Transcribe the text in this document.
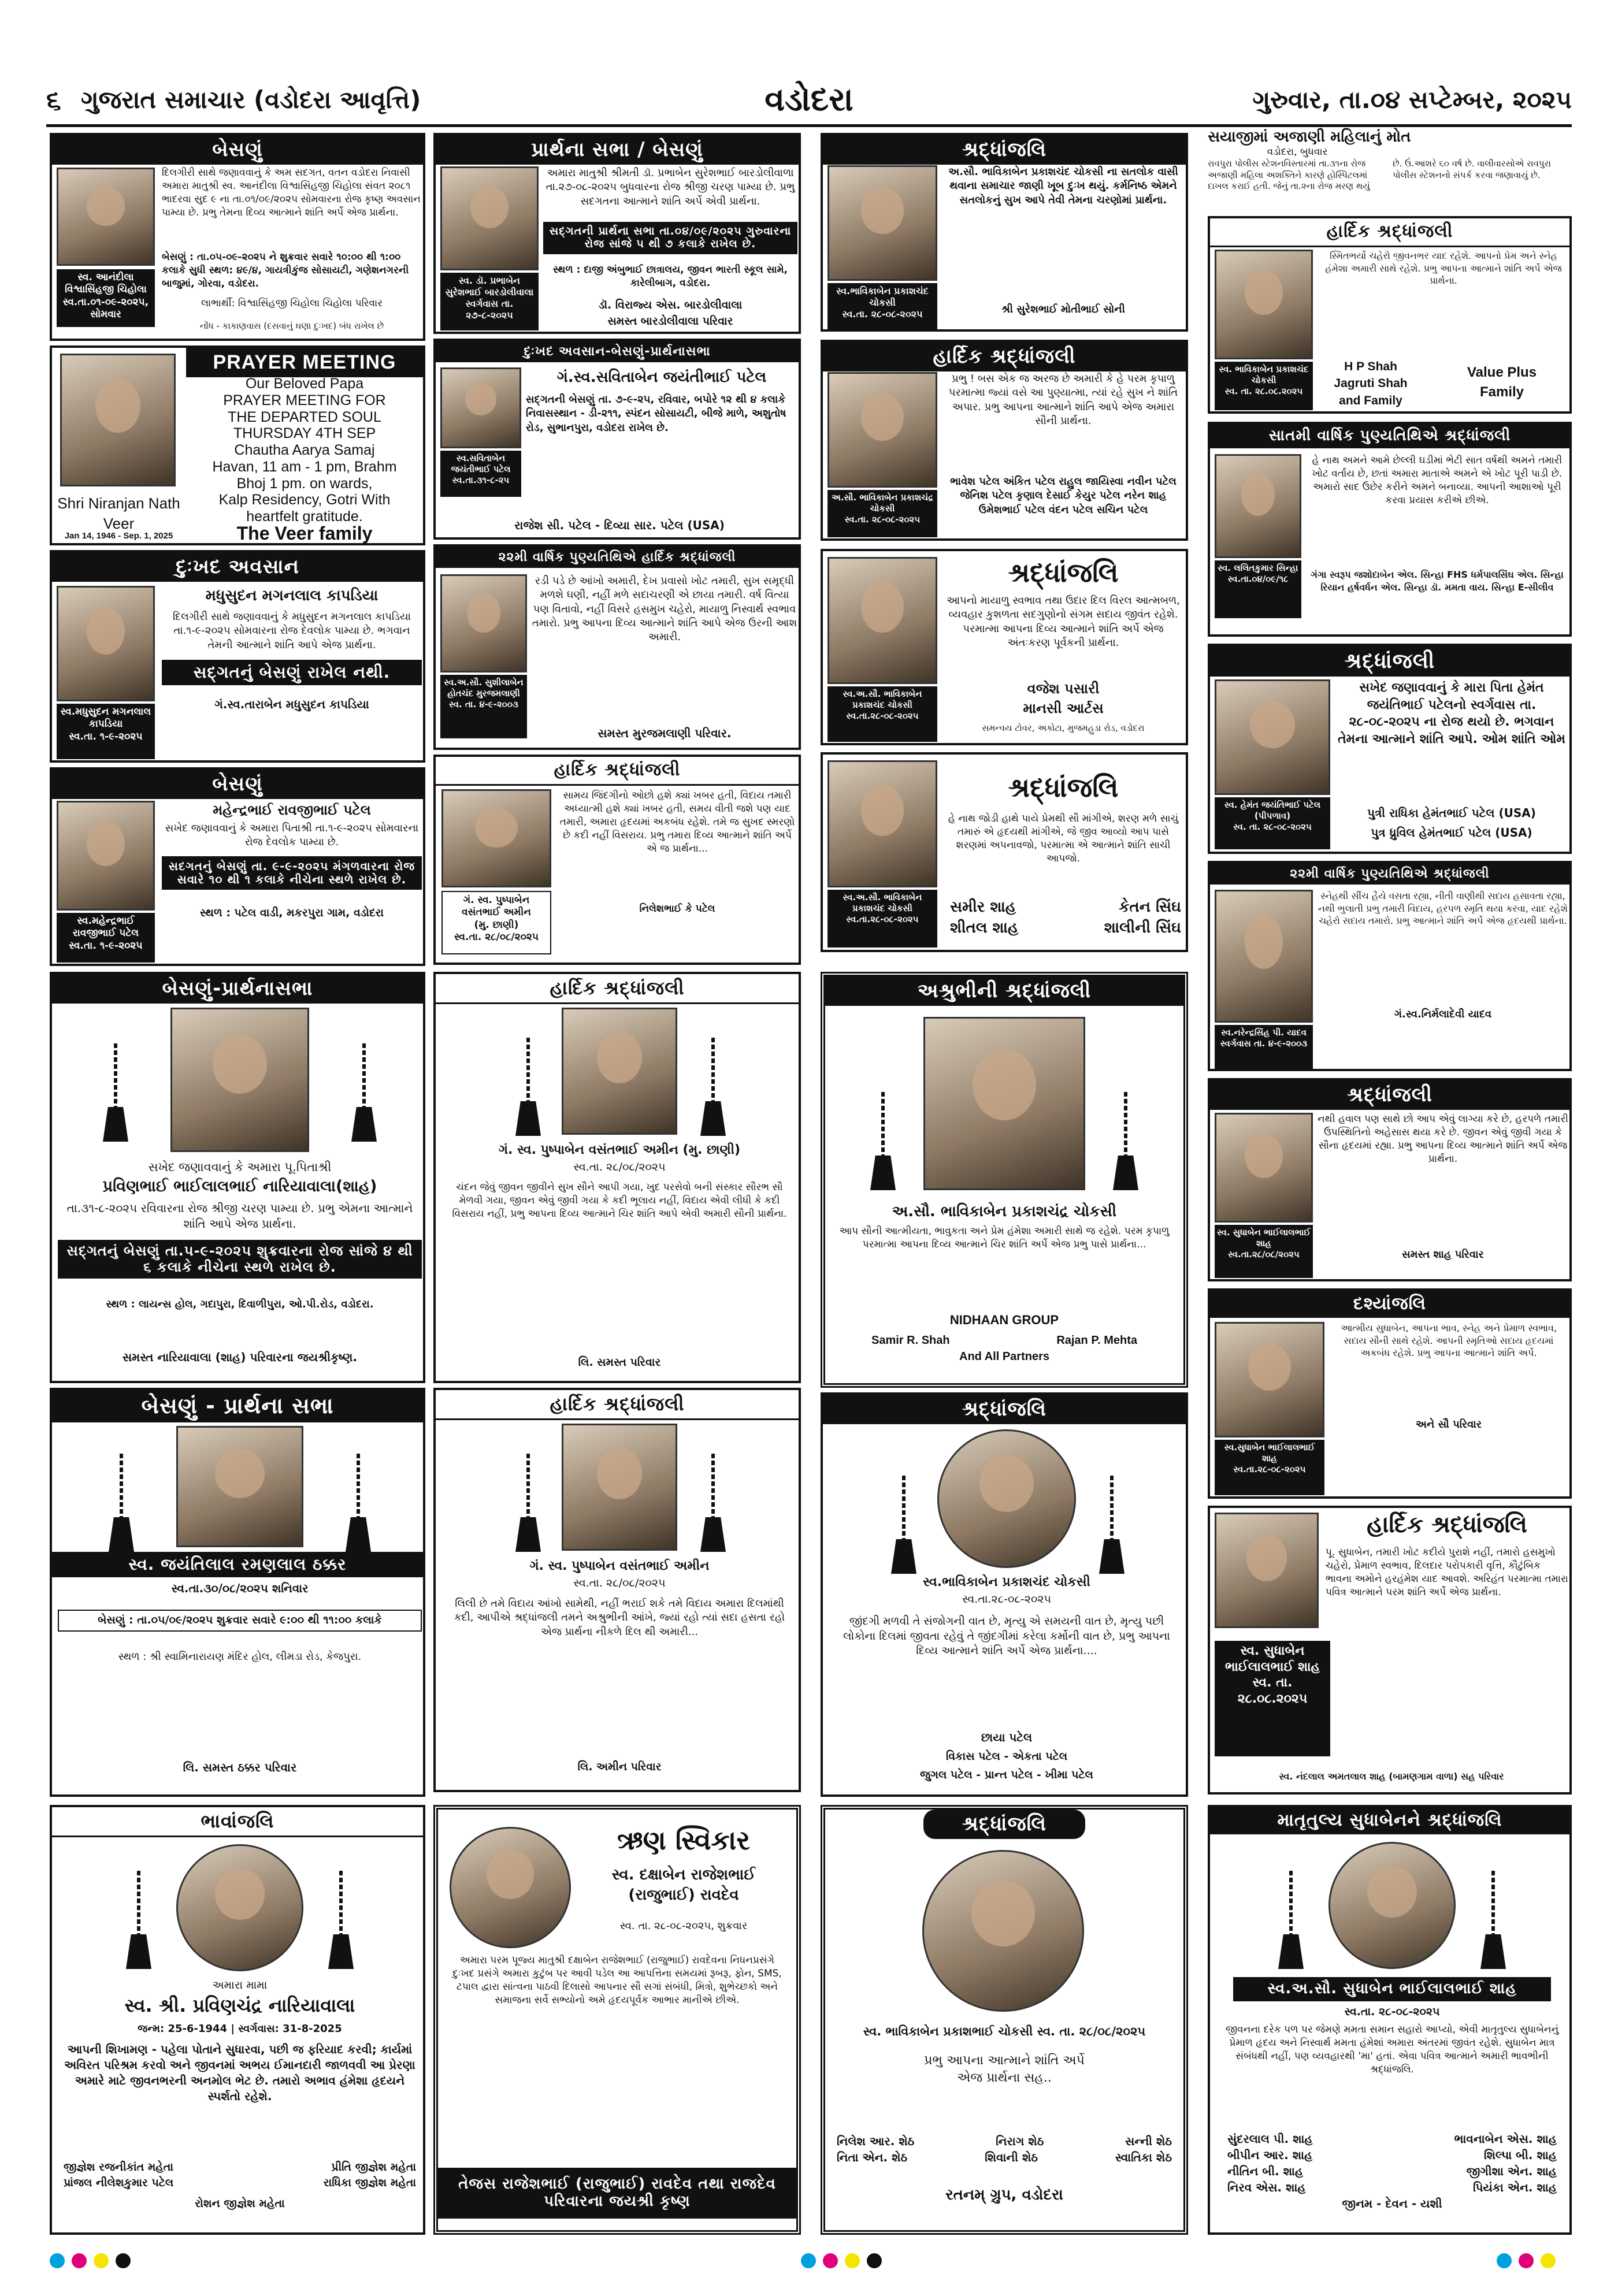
૬ ગુજરાત સમાચાર (વડોદરા આવૃત્તિ)	વડોદરા	ગુરુવાર, તા.૦૪ સપ્ટેમ્બર, ૨૦૨૫
બેસણું
સ્વ. આનંદીલા વિશ્વાસિંહજી ચિહોલા
સ્વ.તા.૦૧-૦૯-૨૦૨૫, સોમવાર
દિલગીરી સાથે જણાવવાનું કે અમ સદગત, વતન વડોદરા નિવાસી અમારા માતુશ્રી સ્વ. આનંદીલા વિશ્વાસિંહજી ચિહોલા સંવત ૨૦૮૧ ભાદરવા સુદ ૯ ના તા.૦૧/૦૯/૨૦૨૫ સોમવારના રોજ કૃષ્ણ અવસાન પામ્યા છે. પ્રભુ તેમના દિવ્ય આત્માને શાંતિ અર્પે એજ પ્રાર્થના.
બેસણું : તા.૦૫-૦૯-૨૦૨૫ ને શુક્રવાર સવારે ૧૦:૦૦ થી ૧:૦૦ કલાકે સુધી સ્થળ: ૪૯/૪, ગાયત્રીકુંજ સોસાયટી, ગણેશનગરની બાજુમાં, ગોરવા, વડોદરા.
લાભાર્થી: વિશ્વાસિંહજી ચિહોલા ચિહોલા પરિવાર
નોંધ - કાકાણવાસ (દસવાનું ઘણા દુઃખદ) બંધ રાખેલ છે
Shri Niranjan Nath Veer
Jan 14, 1946 - Sep. 1, 2025
PRAYER MEETING
Our Beloved Papa
PRAYER MEETING FOR
THE DEPARTED SOUL
THURSDAY 4TH SEP
Chautha Aarya Samaj
Havan, 11 am - 1 pm, Brahm
Bhoj 1 pm. on wards,
Kalp Residency, Gotri With
heartfelt gratitude.
The Veer family
દુઃખદ અવસાન
મધુસુદન મગનલાલ કાપડિયા
દિલગીરી સાથે જણાવવાનું કે મધુસુદન મગનલાલ કાપડિયા તા.૧-૯-૨૦૨૫ સોમવારના રોજ દેવલોક પામ્યા છે. ભગવાન તેમની આત્માને શાંતિ આપે એજ પ્રાર્થના.
સદ્ગતનું બેસણું રાખેલ નથી.
સ્વ.મધુસુદન મગનલાલ કાપડિયા
સ્વ.તા. ૧-૯-૨૦૨૫
ગં.સ્વ.તારાબેન મધુસુદન કાપડિયા
બેસણું
સ્વ.મહેન્દ્રભાઈ રાવજીભાઈ પટેલ
સ્વ.તા. ૧-૯-૨૦૨૫
મહેન્દ્રભાઈ રાવજીભાઈ પટેલ
સખેદ જણાવવાનું કે અમારા પિતાશ્રી તા.૧-૯-૨૦૨૫ સોમવારના રોજ દેવલોક પામ્યા છે.
સદગતનું બેસણું તા. ૯-૯-૨૦૨૫ મંગળવારના રોજ સવારે ૧૦ થી ૧ કલાકે નીચેના સ્થળે રાખેલ છે.
સ્થળ : પટેલ વાડી, મકરપુરા ગામ, વડોદરા
બેસણું-પ્રાર્થનાસભા
સખેદ જણાવવાનું કે અમારા પૂ.પિતાશ્રી
પ્રવિણભાઈ ભાઈલાલભાઈ નારિયાવાલા(શાહ)
તા.૩૧-૮-૨૦૨૫ રવિવારના રોજ શ્રીજી ચરણ પામ્યા છે. પ્રભુ એમના આત્માને શાંતિ આપે એજ પ્રાર્થના.
સદ્ગતનું બેસણું તા.૫-૯-૨૦૨૫ શુક્રવારના રોજ સાંજે ૪ થી ૬ કલાકે નીચેના સ્થળે રાખેલ છે.
સ્થળ : લાયન્સ હોલ, ગદાપુરા, દિવાળીપુરા, ઓ.પી.રોડ, વડોદરા.
સમસ્ત નારિયાવાલા (શાહ) પરિવારના જયશ્રીકૃષ્ણ.
બેસણું - પ્રાર્થના સભા
સ્વ. જયંતિલાલ રમણલાલ ઠક્કર
સ્વ.તા.૩૦/૦૮/૨૦૨૫ શનિવાર
બેસણું : તા.૦૫/૦૯/૨૦૨૫ શુક્રવાર સવારે ૯:૦૦ થી ૧૧:૦૦ કલાકે
સ્થળ : શ્રી સ્વામિનારાયણ મંદિર હોલ, લીમડા રોડ, કેજપુરા.
લિ. સમસ્ત ઠક્કર પરિવાર
ભાવાંજલિ
અમારા મામા
સ્વ. શ્રી. પ્રવિણચંદ્ર નારિયાવાલા
જન્મ: 25-6-1944 | સ્વર્ગવાસ: 31-8-2025
આપની શિખામણ - પહેલા પોતાને સુધારવા, પછી જ ફરિયાદ કરવી; કાર્યમાં અવિરત પરિશ્રમ કરવો અને જીવનમાં અભય ઈમાનદારી જાળવવી આ પ્રેરણા અમારે માટે જીવનભરની અનમોલ ભેટ છે. તમારો અભાવ હંમેશા હૃદયને સ્પર્શતો રહેશે.
જીજ્ઞેશ રજનીકાંત મહેતા	પ્રીતિ જીજ્ઞેશ મહેતા
પ્રાંજલ નીલેશકુમાર પટેલ	રાધિકા જીજ્ઞેશ મહેતા
રોશન જીજ્ઞેશ મહેતા
પ્રાર્થના સભા / બેસણું
સ્વ. ડૉ. પ્રભાબેન સુરેશભાઈ બારડોલીવાલા
સ્વર્ગવાસ તા. ૨૭-૮-૨૦૨૫
અમારા માતુશ્રી શ્રીમતી ડૉ. પ્રભાબેન સુરેશભાઈ બારડોલીવાળા તા.૨૭-૦૮-૨૦૨૫ બુધવારના રોજ શ્રીજી ચરણ પામ્યા છે. પ્રભુ સદગતના આત્માને શાંતિ અર્પે એવી પ્રાર્થના.
સદ્ગતની પ્રાર્થના સભા તા.૦૪/૦૯/૨૦૨૫ ગુરુવારના રોજ સાંજે ૫ થી ૭ કલાકે રાખેલ છે.
સ્થળ : દાજી અંબુભાઈ છાત્રાલય, જીવન ભારતી સ્કૂલ સામે, કારેલીબાગ, વડોદરા.
ડૉ. વિરાજ્ય એસ. બારડોલીવાલા
સમસ્ત બારડોલીવાલા પરિવાર
દુઃખદ અવસાન-બેસણું-પ્રાર્થનાસભા
સ્વ.સવિતાબેન જયંતીભાઈ પટેલ
સ્વ.તા.૩૧-૮-૨૫
ગં.સ્વ.સવિતાબેન જયંતીભાઈ પટેલ
સદ્ગતની બેસણું તા. ૭-૯-૨૫, રવિવાર, બપોરે ૧૨ થી ૪ કલાકે નિવાસસ્થાન - ડી-૨૧૧, સ્પંદન સોસાયટી, બીજે માળે, અશુતોષ રોડ, સુભાનપુરા, વડોદરા રાખેલ છે.
રાજેશ સી. પટેલ - દિવ્યા સાર. પટેલ (USA)
૨૨મી વાર્ષિક પુણ્યતિથિએ હાર્દિક શ્રદ્ધાંજલી
સ્વ.અ.સૌ. સુશીલાબેન હોતચંદ મુરજમલાણી
સ્વ. તા. ૪-૯-૨૦૦૩
રડી પડે છે આંખો અમારી, દેખ પ્રવાસો ખોટ તમારી, સુખ સમૃદ્ધી મળશે ઘણી, નહીં મળે સદાચરણી એ છાયા તમારી. વર્ષ વિત્યા પણ વિતાવો, નહીં વિસરે હસમુખ ચહેરો, માયાળુ નિસ્વાર્થ સ્વભાવ તમારો. પ્રભુ આપના દિવ્ય આત્માને શાંતિ આપે એજ ઉરની આશ અમારી.
સમસ્ત મુરજમલાણી પરિવાર.
હાર્દિક શ્રદ્ધાંજલી
ગં. સ્વ. પુષ્પાબેન વસંતભાઈ અમીન
(મુ. છાણી)
સ્વ.તા. ૨૮/૦૮/૨૦૨૫
સામય જિંદગીનો ઓછો હશે ક્યાં ખબર હતી, વિદાય તમારી અધ્યાત્મી હશે ક્યાં ખબર હતી, સમય વીતી જશે પણ યાદ તમારી, અમારા હૃદયમાં અકબંધ રહેશે. તમે જ સુખદ સ્મરણો છે કદી નહીં વિસરાય. પ્રભુ તમારા દિવ્ય આત્માને શાંતિ અર્પે એ જ પ્રાર્થના...
નિલેશભાઈ કે પટેલ
હાર્દિક શ્રદ્ધાંજલી
ગં. સ્વ. પુષ્પાબેન વસંતભાઈ અમીન (મુ. છાણી)
સ્વ.તા. ૨૮/૦૮/૨૦૨૫
ચંદન જેવું જીવન જીવીને સુખ સૌને આપી ગયા, ખુદ પરસેવો બની સંસ્કાર સૌરભ સૌ મેળવી ગયા, જીવન એવું જીવી ગયા કે કદી ભૂલાય નહીં, વિદાય એવી લીધી કે કદી વિસરાય નહીં, પ્રભુ આપના દિવ્ય આત્માને ચિર શાંતિ આપે એવી અમારી સૌની પ્રાર્થના.
લિ. સમસ્ત પરિવાર
હાર્દિક શ્રદ્ધાંજલી
ગં. સ્વ. પુષ્પાબેન વસંતભાઈ અમીન
સ્વ.તા. ૨૮/૦૮/૨૦૨૫
લિલી છે તમે વિદાય આંખો સામેથી, નહીં ભરાઈ શકે તમે વિદાય અમારા દિલમાંથી કદી, આપીએ શ્રદ્ધાંજલી તમને અશ્રુભીની આંખે, જ્યાં રહો ત્યાં સદા હસતા રહો એજ પ્રાર્થના નીકળે દિલ થી અમારી...
લિ. અમીન પરિવાર
ઋણ સ્વિકાર
સ્વ. દક્ષાબેન રાજેશભાઈ (રાજુભાઈ) રાવદેવ
સ્વ. તા. ૨૮-૦૮-૨૦૨૫, શુક્રવાર
અમારા પરમ પૂજ્ય માતુશ્રી દક્ષાબેન રાજેશભાઈ (રાજુભાઈ) રાવદેવના નિધનપ્રસંગે દુઃખદ પ્રસંગે અમારા કુટુંબ પર આવી પડેલ આ આપત્તિના સમયમાં રૂબરૂ, ફોન, SMS, ટપાલ દ્વારા સાંત્વના પાઠવી દિલાસો આપનાર સૌ સગાં સંબંધી, મિત્રો, શુભેચ્છકો અને સમાજના સર્વે સભ્યોનો અમે હૃદયપૂર્વક આભાર માનીએ છીએ.
તેજસ રાજેશભાઈ (રાજુભાઈ) રાવદેવ તથા રાજદેવ પરિવારના જયશ્રી કૃષ્ણ
શ્રદ્ધાંજલિ
સ્વ.ભાવિકાબેન પ્રકાશચંદ ચોકસી
સ્વ.તા. ૨૮-૦૮-૨૦૨૫
અ.સૌ. ભાવિકાબેન પ્રકાશચંદ ચોકસી ના સતલોક વાસી થવાના સમાચાર જાણી ખૂબ દુઃખ થયું. કર્મનિષ્ઠ એમને સતલોકનું સુખ આપે તેવી તેમના ચરણોમાં પ્રાર્થના.
શ્રી સુરેશભાઈ મોતીભાઈ સોની
હાર્દિક શ્રદ્ધાંજલી
અ.સૌ. ભાવિકાબેન પ્રકાશચંદ્ર ચોકસી
સ્વ.તા. ૨૮-૦૮-૨૦૨૫
પ્રભુ ! બસ એક જ અરજ છે અમારી કે હે પરમ કૃપાળુ પરમાત્મા જ્યાં વસે આ પુણ્યાત્મા, ત્યાં રહે સુખ ને શાંતિ અપાર. પ્રભુ આપના આત્માને શાંતિ આપે એજ અમારા સૌની પ્રાર્થના.
ભાવેશ પટેલ અંકિત પટેલ રાહુલ જાયિસ્વા નવીન પટેલ જેનિશ પટેલ કૃણાલ દેસાઈ કેયુર પટેલ નરેન શાહ ઉમેશભાઈ પટેલ વંદન પટેલ સચિન પટેલ
શ્રદ્ધાંજલિ
સ્વ.અ.સૌ. ભાવિકાબેન પ્રકાશચંદ ચોકસી
સ્વ.તા.૨૮-૦૮-૨૦૨૫
આપનો માયાળુ સ્વભાવ તથા ઉદાર દિલ વિરલ આત્મબળ, વ્યવહાર કુશળતા સદગુણોનો સંગમ સદાય જીવંત રહેશે. પરમાત્મા આપના દિવ્ય આત્માને શાંતિ અર્પે એજ અંતઃકરણ પૂર્વકની પ્રાર્થના.
વજેશ પસારી
માનસી આર્ટસ
સમન્વય ટોવર, અકોટા, મુજમહુડા રોડ, વડોદરા
શ્રદ્ધાંજલિ
સ્વ.અ.સૌ. ભાવિકાબેન પ્રકાશચંદ ચોકસી
સ્વ.તા.૨૮-૦૮-૨૦૨૫
હે નાથ જોડી હાથે પાયે પ્રેમથી સૌ માંગીએ, શરણ મળે સાચું તમારું એ હૃદયથી માંગીએ, જે જીવ આવ્યો આપ પાસે શરણમાં અપનાવજો, પરમાત્મા એ આત્માને શાંતિ સાચી આપજો.
સમીર શાહ	કેતન સિંઘ
શીતલ શાહ	શાલીની સિંઘ
અશ્રુભીની શ્રદ્ધાંજલી
અ.સૌ. ભાવિકાબેન પ્રકાશચંદ્ર ચોકસી
આપ સૌની આત્મીયતા, ભાવુકતા અને પ્રેમ હંમેશા અમારી સાથે જ રહેશે. પરમ કૃપાળુ પરમાત્મા આપના દિવ્ય આત્માને ચિર શાંતિ અર્પે એજ પ્રભુ પાસે પ્રાર્થના...
NIDHAAN GROUP
Samir R. Shah	Rajan P. Mehta
And All Partners
શ્રદ્ધાંજલિ
સ્વ.ભાવિકાબેન પ્રકાશચંદ ચોકસી
સ્વ.તા.૨૮-૦૮-૨૦૨૫
જીંદગી મળવી તે સંજોગની વાત છે, મૃત્યુ એ સમયની વાત છે, મૃત્યુ પછી લોકોના દિલમાં જીવતા રહેવું તે જીંદગીમાં કરેલા કર્મોની વાત છે, પ્રભુ આપના દિવ્ય આત્માને શાંતિ અર્પે એજ પ્રાર્થના....
છાયા પટેલ
વિકાસ પટેલ - એકતા પટેલ
જુગલ પટેલ - પ્રાન્ત પટેલ - ખીમા પટેલ
શ્રદ્ધાંજલિ
સ્વ. ભાવિકાબેન પ્રકાશભાઈ ચોકસી સ્વ. તા. ૨૮/૦૮/૨૦૨૫
પ્રભુ આપના આત્માને શાંતિ અર્પે એજ પ્રાર્થના સહ..
નિલેશ આર. શેઠ	નિરાગ શેઠ	સન્ની શેઠ
નિતા એન. શેઠ	શિવાની શેઠ	સ્વાતિકા શેઠ
રતનમ્ ગ્રુપ, વડોદરા
સયાજીમાં અજાણી મહિલાનું મોત
વડોદરા, બુધવાર
રાવપુરા પોલીસ સ્ટેશનવિસ્તારમાં તા.૩૧ના રોજ અજાણી મહિલા અશક્તિને કારણે હોસ્પિટલમાં દાખલ કરાઈ હતી. જેનું તા.૨ના રોજ મરણ થયું છે. ઉં.આશરે ૬૦ વર્ષ છે. વાલીવારસોએ રાવપુરા પોલીસ સ્ટેશનનો સંપર્ક કરવા જણાવાયું છે.
હાર્દિક શ્રદ્ધાંજલી
સ્વ. ભાવિકાબેન પ્રકાશચંદ ચોકસી
સ્વ. તા. ૨૮.૦૮.૨૦૨૫
સ્મિતભર્યો ચહેરો જીવનભર યાદ રહેશે. આપનો પ્રેમ અને સ્નેહ હંમેશા અમારી સાથે રહેશે. પ્રભુ આપના આત્માને શાંતિ અર્પે એજ પ્રાર્થના.
H P Shah
Jagruti Shah
and Family
Value Plus
Family
સાતમી વાર્ષિક પુણ્યતિથિએ શ્રદ્ધાંજલી
સ્વ. લલિતકુમાર સિન્હા
સ્વ.તા.૦૪/૦૯/૧૮
હે નાથ અમને આમે છેલ્લી ઘડીમાં ભેટી સાત વર્ષથી અમને તમારી ખોટ વર્તાય છે, છતાં અમારા માતાએ અમને એ ખોટ પૂરી પાડી છે. અમારો સાદ ઉછેર કરીને અમને બનાવ્યા. આપની આશાઓ પૂરી કરવા પ્રયાસ કરીએ છીએ.
ગંગા સ્વરૂપ જશોદાબેન એલ. સિન્હા FHS ધર્મપાલસિંઘ એલ. સિન્હા રિયાન હર્ષવર્ધન એલ. સિન્હા ડૉ. મમતા વાય. સિન્હા E-સીલીવ
શ્રદ્ધાંજલી
સ્વ. હેમંત જયંતિભાઈ પટેલ (પીપળાવ)
સ્વ. તા. ૨૮-૦૮-૨૦૨૫
સખેદ જણાવવાનું કે મારા પિતા હેમંત જયંતિભાઈ પટેલનો સ્વર્ગવાસ તા. ૨૮-૦૮-૨૦૨૫ ના રોજ થયો છે. ભગવાન તેમના આત્માને શાંતિ આપે. ઓમ શાંતિ ઓમ
પુત્રી રાધિકા હેમંતભાઈ પટેલ (USA)
પુત્ર ધ્રુવિલ હેમંતભાઈ પટેલ (USA)
૨૨મી વાર્ષિક પુણ્યતિથિએ શ્રદ્ધાંજલી
સ્વ.નરેન્દ્રસિંહ પી. યાદવ
સ્વર્ગવાસ તા. ૪-૯-૨૦૦૩
સ્નેહથી સીંચ હૈયે વસતા રહ્યા, નીતી વાણીથી સદાય હસાવતા રહ્યા, નથી ભુલાતી પ્રભુ તમારી વિદાય, હરપળ સ્મૃતિ થયા કરવા, યાદ રહેશે ચહેરો સદાય તમારો. પ્રભુ આત્માને શાંતિ અર્પે એજ હૃદયથી પ્રાર્થના.
ગં.સ્વ.નિર્મલાદેવી યાદવ
શ્રદ્ધાંજલી
સ્વ. સુધાબેન ભાઈલાલભાઈ શાહ
સ્વ.તા.૨૮/૦૮/૨૦૨૫
નથી હવાલ પણ સાથે છો આપ એવું લાગ્યા કરે છે, હરપળે તમારી ઉપસ્થિતિનો અહેસાસ થયા કરે છે. જીવન એવું જીવી ગયા કે સૌના હૃદયમાં રહ્યા. પ્રભુ આપના દિવ્ય આત્માને શાંતિ અર્પે એજ પ્રાર્થના.
સમસ્ત શાહ પરિવાર
દશ્યાંજલિ
સ્વ.સુધાબેન ભાઈલાલભાઈ શાહ
સ્વ.તા.૨૮-૦૮-૨૦૨૫
આત્મીય સુધાબેન, આપના ભાવ, સ્નેહ અને પ્રેમાળ સ્વભાવ, સદાય સૌની સાથે રહેશે. આપની સ્મૃતિઓ સદાય હૃદયમાં અકબંધ રહેશે. પ્રભુ આપના આત્માને શાંતિ અર્પે.
અને સૌ પરિવાર
હાર્દિક શ્રદ્ધાંજલિ
પૂ. સુધાબેન, તમારી ખોટ કદીયે પુરાશે નહીં, તમારો હસમુખો ચહેરો, પ્રેમાળ સ્વભાવ, દિલદાર પરોપકારી વૃત્તિ, કૌટુંબિક ભાવના અમોને હરહંમેશ યાદ આવશે. અરિહંત પરમાત્મા તમારા પવિત્ર આત્માને પરમ શાંતિ અર્પે એજ પ્રાર્થના.
સ્વ. સુધાબેન ભાઈલાલભાઈ શાહ
સ્વ. તા. ૨૮.૦૮.૨૦૨૫
સ્વ. નંદલાલ અમતલાલ શાહ (બામણગામ વાળા) સહ પરિવાર
માતૃતુલ્ય સુધાબેનને શ્રદ્ધાંજલિ
સ્વ.અ.સૌ. સુધાબેન ભાઈલાલભાઈ શાહ
સ્વ.તા. ૨૮-૦૮-૨૦૨૫
જીવનના દરેક પળ પર જેમણે મમતા સમાન સહારો આપ્યો, એવી માતૃતુલ્ય સુધાબેનનું પ્રેમાળ હૃદય અને નિસ્વાર્થ મમતા હંમેશાં અમારા અંતરમાં જીવંત રહેશે. સુધાબેન માત્ર સંબંધથી નહીં, પણ વ્યવહારથી 'મા' હતાં. એવા પવિત્ર આત્માને અમારી ભાવભીની શ્રદ્ધાંજલિ.
સુંદરલાલ પી. શાહ	ભાવનાબેન એસ. શાહ
બીપીન આર. શાહ	શિલ્પા બી. શાહ
નીતિન બી. શાહ	જીગીશા એન. શાહ
નિરવ એસ. શાહ	પિયંકા એન. શાહ
જીનમ - દેવન - યશી
